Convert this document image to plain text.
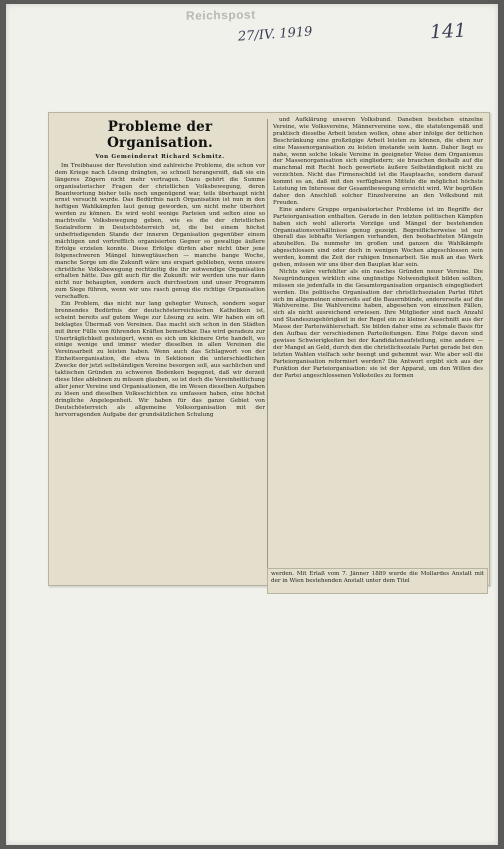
Reichspost
27/IV. 1919	141
Probleme der Organisation.
Von Gemeinderat Richard Schmitz.

Im Treibhause der Revolution sind zahlreiche Probleme, die schon vor dem Kriege nach Lösung drängten, so schnell herangereift, daß sie ein längeres Zögern nicht mehr vertragen. Dazu gehört die Summe organisatorischer Fragen der christlichen Volksbewegung, deren Beantwortung bisher teils noch ungenügend war, teils überhaupt nicht ernst versucht wurde. Das Bedürfnis nach Organisation ist nun in den heftigen Wahlkämpfen laut genug geworden, um nicht mehr überhört werden zu können. Es wird wohl wenige Parteien und selten eine so machtvolle Volksbewegung geben, wie es die der christlichen Sozialreform in Deutschösterreich ist, die bei einem höchst unbefriedigenden Stande der inneren Organisation gegenüber einem mächtigen und vortrefflich organisierten Gegner so gewaltige äußere Erfolge erzielen konnte. Diese Erfolge dürfen aber nicht über jene folgenschweren Mängel hinwegtäuschen — manche bange Woche, manche Sorge um die Zukunft wäre uns erspart geblieben, wenn unsere christliche Volksbewegung rechtzeitig die ihr notwendige Organisation erhalten hätte. Das gilt auch für die Zukunft: wir werden uns nur dann nicht nur behaupten, sondern auch durchsetzen und unser Programm zum Siege führen, wenn wir uns rasch genug die richtige Organisation verschaffen.

Ein Problem, das nicht nur lang gehegter Wunsch, sondern sogar brennendes Bedürfnis der deutschösterreichischen Katholiken ist, scheint bereits auf gutem Wege zur Lösung zu sein. Wir haben ein oft beklagtes Übermaß von Vereinen. Das macht sich schon in den Städten mit ihrer Fülle von führenden Kräften bemerkbar. Das wird geradezu zur Unerträglichkeit gesteigert, wenn es sich um kleinere Orte handelt, wo einige wenige und immer wieder dieselben in allen Vereinen die Vereinsarbeit zu leisten haben. Wenn auch das Schlagwort von der Einheitsorganisation, die etwa in Sektionen die unterschiedlichen Zwecke der jetzt selbständigen Vereine besorgen soll, aus sachlichen und taktischen Gründen zu schweren Bedenken begegnet, daß wir derzeit diese Idee ablehnen zu müssen glauben, so ist doch die Vereinheitlichung aller jener Vereine und Organisationen, die im Wesen dieselben Aufgaben zu lösen und dieselben Volksschichten zu umfassen haben, eine höchst dringliche Angelegenheit. Wir haben für das ganze Gebiet von Deutschösterreich als allgemeine Volksorganisation mit der hervorragenden Aufgabe der grundsätzlichen Schulung

und Aufklärung unseren Volksbund. Daneben bestehen einzelne Vereine, wie Volksvereine, Männervereine usw., die statutengemäß und praktisch dieselbe Arbeit leisten wollen, ohne aber infolge der örtlichen Beschränkung eine großzügige Arbeit leisten zu können, die eben nur eine Massenorganisation zu leisten imstande sein kann. Daher liegt es nahe, wenn solche lokale Vereine in geeigneter Weise dem Organismus der Massenorganisation sich eingliedern; sie brauchen deshalb auf die manchmal mit Recht hoch gewertete äußere Selbständigkeit nicht zu verzichten. Nicht das Firmenschild ist die Hauptsache, sondern darauf kommt es an, daß mit den verfügbaren Mitteln die möglichst höchste Leistung im Interesse der Gesamtbewegung erreicht wird. Wir begrüßen daher den Anschluß solcher Einzelvereine an den Volksbund mit Freuden.

Eine andere Gruppe organisatorischer Probleme ist im Begriffe der Parteiorganisation enthalten. Gerade in den letzten politischen Kämpfen haben sich wohl allerorts Vorzüge und Mängel der bestehenden Organisationsverhältnisse genug gezeigt. Begreiflicherweise ist nur überall das lebhafte Verlangen vorhanden, den beobachteten Mängeln abzuhelfen. Da nunmehr im großen und ganzen die Wahlkämpfe abgeschlossen sind oder doch in wenigen Wochen abgeschlossen sein werden, kommt die Zeit der ruhigen Innenarbeit. Sie muß an das Werk gehen, müssen wir uns über den Bauplan klar sein.

Nichts wäre verfehlter als ein rasches Gründen neuer Vereine. Die Neugründungen wirklich eine ungünstige Notwendigkeit bilden sollten, müssen sie jedenfalls in die Gesamtorganisation organisch eingegliedert werden. Die politische Organisation der christlichsozialen Partei führt sich im allgemeinen einerseits auf die Bauernbünde, andererseits auf die Wahlvereine. Die Wahlvereine haben, abgesehen von einzelnen Fällen, sich als nicht ausreichend erwiesen. Ihre Mitglieder sind nach Anzahl und Standeszugehörigkeit in der Regel ein zu kleiner Ausschnitt aus der Masse der Parteiwählerschaft. Sie bilden daher eine zu schmale Basis für den Aufbau der verschiedenen Parteileitungen. Eine Folge davon sind gewisse Schwierigkeiten bei der Kandidatenaufstellung, eine andere — der Mangel an Geld, durch den die christlichsoziale Partei gerade bei den letzten Wahlen vielfach sehr beengt und gehemmt war. Wie aber soll die Parteiorganisation reformiert werden? Die Antwort ergibt sich aus der Funktion der Parteiorganisation: sie ist der Apparat, um den Willen des der Partei angeschlossenen Volksteiles zu formen

werden. Mit Erlaß vom 7. Jänner 1889 wurde die Mollardes Anstalt mit der in Wien bestehenden Anstalt unter dem Titel
